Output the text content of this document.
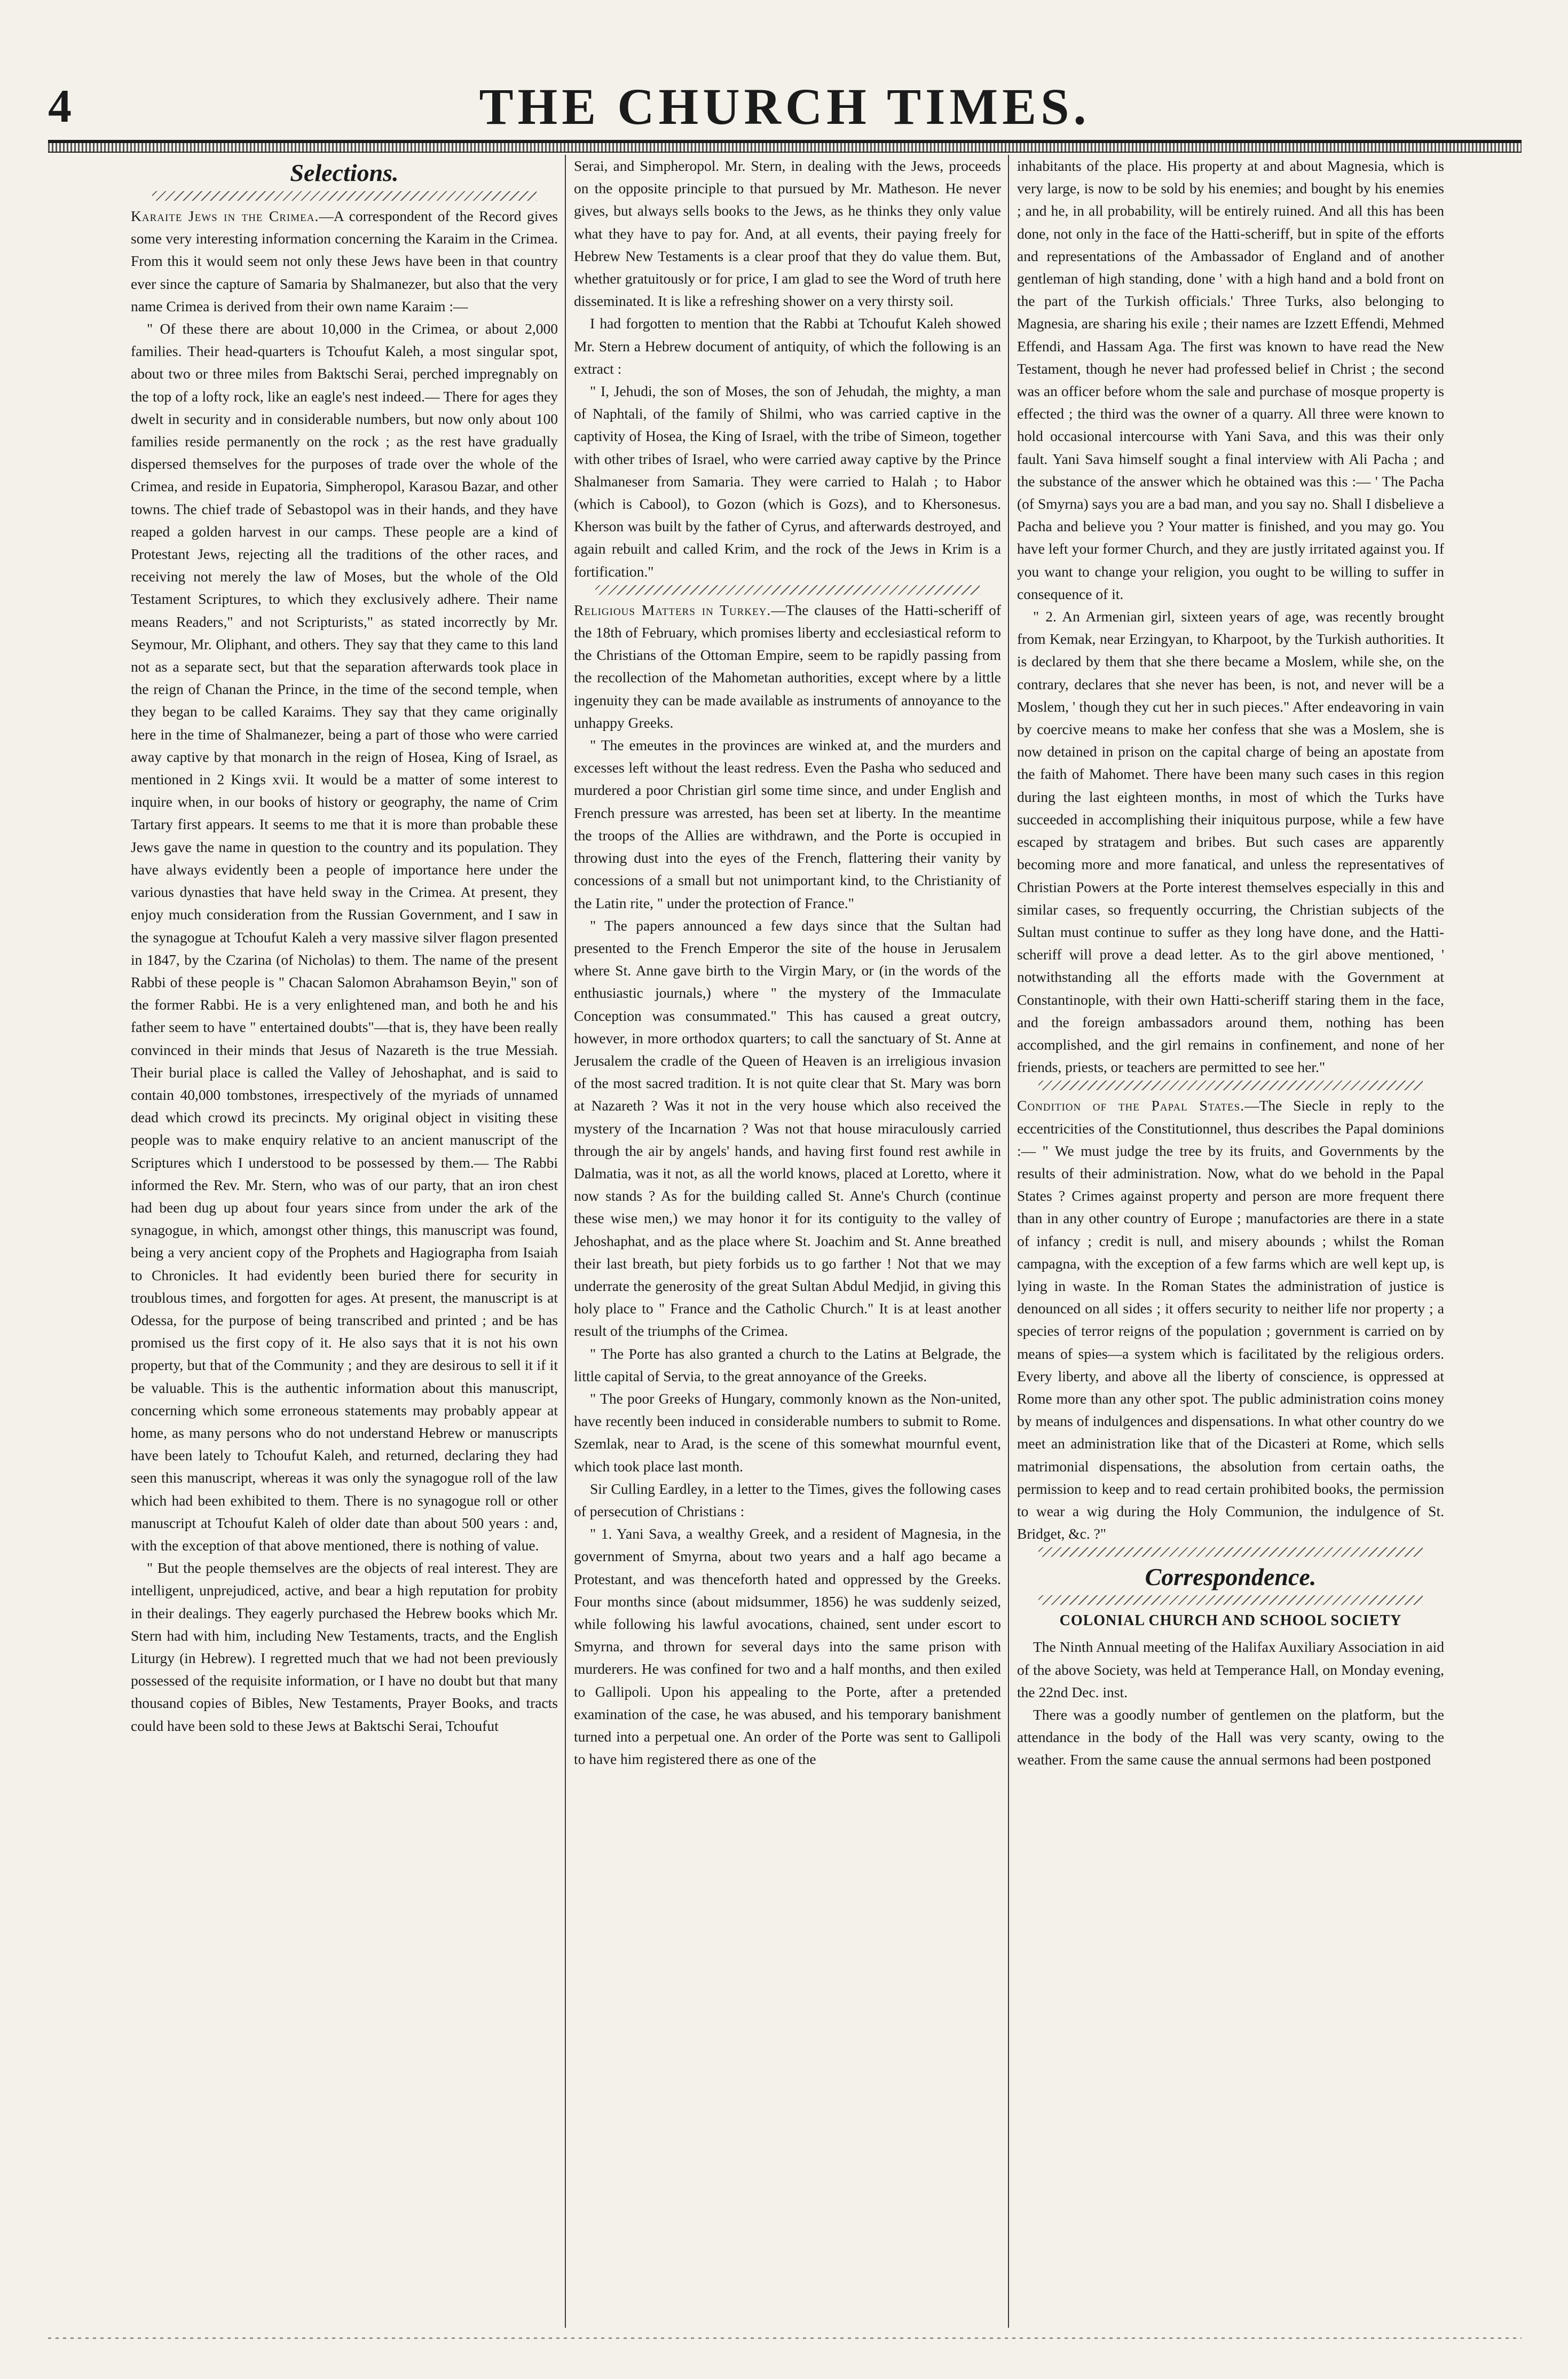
4	THE CHURCH TIMES.
Selections.

Karaite Jews in the Crimea.—A correspondent of the Record gives some very interesting information concerning the Karaim in the Crimea. From this it would seem not only these Jews have been in that country ever since the capture of Samaria by Shalmanezer, but also that the very name Crimea is derived from their own name Karaim :—

" Of these there are about 10,000 in the Crimea, or about 2,000 families. Their head-quarters is Tchoufut Kaleh, a most singular spot, about two or three miles from Baktschi Serai, perched impregnably on the top of a lofty rock, like an eagle's nest indeed.— There for ages they dwelt in security and in considerable numbers, but now only about 100 families reside permanently on the rock ; as the rest have gradually dispersed themselves for the purposes of trade over the whole of the Crimea, and reside in Eupatoria, Simpheropol, Karasou Bazar, and other towns. The chief trade of Sebastopol was in their hands, and they have reaped a golden harvest in our camps. These people are a kind of Protestant Jews, rejecting all the traditions of the other races, and receiving not merely the law of Moses, but the whole of the Old Testament Scriptures, to which they exclusively adhere. Their name means Readers," and not Scripturists," as stated incorrectly by Mr. Seymour, Mr. Oliphant, and others. They say that they came to this land not as a separate sect, but that the separation afterwards took place in the reign of Chanan the Prince, in the time of the second temple, when they began to be called Karaims. They say that they came originally here in the time of Shalmanezer, being a part of those who were carried away captive by that monarch in the reign of Hosea, King of Israel, as mentioned in 2 Kings xvii. It would be a matter of some interest to inquire when, in our books of history or geography, the name of Crim Tartary first appears. It seems to me that it is more than probable these Jews gave the name in question to the country and its population. They have always evidently been a people of importance here under the various dynasties that have held sway in the Crimea. At present, they enjoy much consideration from the Russian Government, and I saw in the synagogue at Tchoufut Kaleh a very massive silver flagon presented in 1847, by the Czarina (of Nicholas) to them. The name of the present Rabbi of these people is " Chacan Salomon Abrahamson Beyin," son of the former Rabbi. He is a very enlightened man, and both he and his father seem to have " entertained doubts"—that is, they have been really convinced in their minds that Jesus of Nazareth is the true Messiah. Their burial place is called the Valley of Jehoshaphat, and is said to contain 40,000 tombstones, irrespectively of the myriads of unnamed dead which crowd its precincts. My original object in visiting these people was to make enquiry relative to an ancient manuscript of the Scriptures which I understood to be possessed by them.— The Rabbi informed the Rev. Mr. Stern, who was of our party, that an iron chest had been dug up about four years since from under the ark of the synagogue, in which, amongst other things, this manuscript was found, being a very ancient copy of the Prophets and Hagiographa from Isaiah to Chronicles. It had evidently been buried there for security in troublous times, and forgotten for ages. At present, the manuscript is at Odessa, for the purpose of being transcribed and printed ; and be has promised us the first copy of it. He also says that it is not his own property, but that of the Community ; and they are desirous to sell it if it be valuable. This is the authentic information about this manuscript, concerning which some erroneous statements may probably appear at home, as many persons who do not understand Hebrew or manuscripts have been lately to Tchoufut Kaleh, and returned, declaring they had seen this manuscript, whereas it was only the synagogue roll of the law which had been exhibited to them. There is no synagogue roll or other manuscript at Tchoufut Kaleh of older date than about 500 years : and, with the exception of that above mentioned, there is nothing of value.

" But the people themselves are the objects of real interest. They are intelligent, unprejudiced, active, and bear a high reputation for probity in their dealings. They eagerly purchased the Hebrew books which Mr. Stern had with him, including New Testaments, tracts, and the English Liturgy (in Hebrew). I regretted much that we had not been previously possessed of the requisite information, or I have no doubt but that many thousand copies of Bibles, New Testaments, Prayer Books, and tracts could have been sold to these Jews at Baktschi Serai, Tchoufut

Serai, and Simpheropol. Mr. Stern, in dealing with the Jews, proceeds on the opposite principle to that pursued by Mr. Matheson. He never gives, but always sells books to the Jews, as he thinks they only value what they have to pay for. And, at all events, their paying freely for Hebrew New Testaments is a clear proof that they do value them. But, whether gratuitously or for price, I am glad to see the Word of truth here disseminated. It is like a refreshing shower on a very thirsty soil.

I had forgotten to mention that the Rabbi at Tchoufut Kaleh showed Mr. Stern a Hebrew document of antiquity, of which the following is an extract :

" I, Jehudi, the son of Moses, the son of Jehudah, the mighty, a man of Naphtali, of the family of Shilmi, who was carried captive in the captivity of Hosea, the King of Israel, with the tribe of Simeon, together with other tribes of Israel, who were carried away captive by the Prince Shalmaneser from Samaria. They were carried to Halah ; to Habor (which is Cabool), to Gozon (which is Gozs), and to Khersonesus. Kherson was built by the father of Cyrus, and afterwards destroyed, and again rebuilt and called Krim, and the rock of the Jews in Krim is a fortification."

Religious Matters in Turkey.—The clauses of the Hatti-scheriff of the 18th of February, which promises liberty and ecclesiastical reform to the Christians of the Ottoman Empire, seem to be rapidly passing from the recollection of the Mahometan authorities, except where by a little ingenuity they can be made available as instruments of annoyance to the unhappy Greeks.

" The emeutes in the provinces are winked at, and the murders and excesses left without the least redress. Even the Pasha who seduced and murdered a poor Christian girl some time since, and under English and French pressure was arrested, has been set at liberty. In the meantime the troops of the Allies are withdrawn, and the Porte is occupied in throwing dust into the eyes of the French, flattering their vanity by concessions of a small but not unimportant kind, to the Christianity of the Latin rite, " under the protection of France."

" The papers announced a few days since that the Sultan had presented to the French Emperor the site of the house in Jerusalem where St. Anne gave birth to the Virgin Mary, or (in the words of the enthusiastic journals,) where " the mystery of the Immaculate Conception was consummated." This has caused a great outcry, however, in more orthodox quarters; to call the sanctuary of St. Anne at Jerusalem the cradle of the Queen of Heaven is an irreligious invasion of the most sacred tradition. It is not quite clear that St. Mary was born at Nazareth ? Was it not in the very house which also received the mystery of the Incarnation ? Was not that house miraculously carried through the air by angels' hands, and having first found rest awhile in Dalmatia, was it not, as all the world knows, placed at Loretto, where it now stands ? As for the building called St. Anne's Church (continue these wise men,) we may honor it for its contiguity to the valley of Jehoshaphat, and as the place where St. Joachim and St. Anne breathed their last breath, but piety forbids us to go farther ! Not that we may underrate the generosity of the great Sultan Abdul Medjid, in giving this holy place to " France and the Catholic Church." It is at least another result of the triumphs of the Crimea.

" The Porte has also granted a church to the Latins at Belgrade, the little capital of Servia, to the great annoyance of the Greeks.

" The poor Greeks of Hungary, commonly known as the Non-united, have recently been induced in considerable numbers to submit to Rome. Szemlak, near to Arad, is the scene of this somewhat mournful event, which took place last month.

Sir Culling Eardley, in a letter to the Times, gives the following cases of persecution of Christians :

" 1. Yani Sava, a wealthy Greek, and a resident of Magnesia, in the government of Smyrna, about two years and a half ago became a Protestant, and was thenceforth hated and oppressed by the Greeks. Four months since (about midsummer, 1856) he was suddenly seized, while following his lawful avocations, chained, sent under escort to Smyrna, and thrown for several days into the same prison with murderers. He was confined for two and a half months, and then exiled to Gallipoli. Upon his appealing to the Porte, after a pretended examination of the case, he was abused, and his temporary banishment turned into a perpetual one. An order of the Porte was sent to Gallipoli to have him registered there as one of the

inhabitants of the place. His property at and about Magnesia, which is very large, is now to be sold by his enemies; and bought by his enemies ; and he, in all probability, will be entirely ruined. And all this has been done, not only in the face of the Hatti-scheriff, but in spite of the efforts and representations of the Ambassador of England and of another gentleman of high standing, done ' with a high hand and a bold front on the part of the Turkish officials.' Three Turks, also belonging to Magnesia, are sharing his exile ; their names are Izzett Effendi, Mehmed Effendi, and Hassam Aga. The first was known to have read the New Testament, though he never had professed belief in Christ ; the second was an officer before whom the sale and purchase of mosque property is effected ; the third was the owner of a quarry. All three were known to hold occasional intercourse with Yani Sava, and this was their only fault. Yani Sava himself sought a final interview with Ali Pacha ; and the substance of the answer which he obtained was this :— ' The Pacha (of Smyrna) says you are a bad man, and you say no. Shall I disbelieve a Pacha and believe you ? Your matter is finished, and you may go. You have left your former Church, and they are justly irritated against you. If you want to change your religion, you ought to be willing to suffer in consequence of it.

" 2. An Armenian girl, sixteen years of age, was recently brought from Kemak, near Erzingyan, to Kharpoot, by the Turkish authorities. It is declared by them that she there became a Moslem, while she, on the contrary, declares that she never has been, is not, and never will be a Moslem, ' though they cut her in such pieces." After endeavoring in vain by coercive means to make her confess that she was a Moslem, she is now detained in prison on the capital charge of being an apostate from the faith of Mahomet. There have been many such cases in this region during the last eighteen months, in most of which the Turks have succeeded in accomplishing their iniquitous purpose, while a few have escaped by stratagem and bribes. But such cases are apparently becoming more and more fanatical, and unless the representatives of Christian Powers at the Porte interest themselves especially in this and similar cases, so frequently occurring, the Christian subjects of the Sultan must continue to suffer as they long have done, and the Hatti-scheriff will prove a dead letter. As to the girl above mentioned, ' notwithstanding all the efforts made with the Government at Constantinople, with their own Hatti-scheriff staring them in the face, and the foreign ambassadors around them, nothing has been accomplished, and the girl remains in confinement, and none of her friends, priests, or teachers are permitted to see her."

Condition of the Papal States.—The Siecle in reply to the eccentricities of the Constitutionnel, thus describes the Papal dominions :— " We must judge the tree by its fruits, and Governments by the results of their administration. Now, what do we behold in the Papal States ? Crimes against property and person are more frequent there than in any other country of Europe ; manufactories are there in a state of infancy ; credit is null, and misery abounds ; whilst the Roman campagna, with the exception of a few farms which are well kept up, is lying in waste. In the Roman States the administration of justice is denounced on all sides ; it offers security to neither life nor property ; a species of terror reigns of the population ; government is carried on by means of spies—a system which is facilitated by the religious orders. Every liberty, and above all the liberty of conscience, is oppressed at Rome more than any other spot. The public administration coins money by means of indulgences and dispensations. In what other country do we meet an administration like that of the Dicasteri at Rome, which sells matrimonial dispensations, the absolution from certain oaths, the permission to keep and to read certain prohibited books, the permission to wear a wig during the Holy Communion, the indulgence of St. Bridget, &c. ?"

Correspondence.
COLONIAL CHURCH AND SCHOOL SOCIETY

The Ninth Annual meeting of the Halifax Auxiliary Association in aid of the above Society, was held at Temperance Hall, on Monday evening, the 22nd Dec. inst.

There was a goodly number of gentlemen on the platform, but the attendance in the body of the Hall was very scanty, owing to the weather. From the same cause the annual sermons had been postponed
